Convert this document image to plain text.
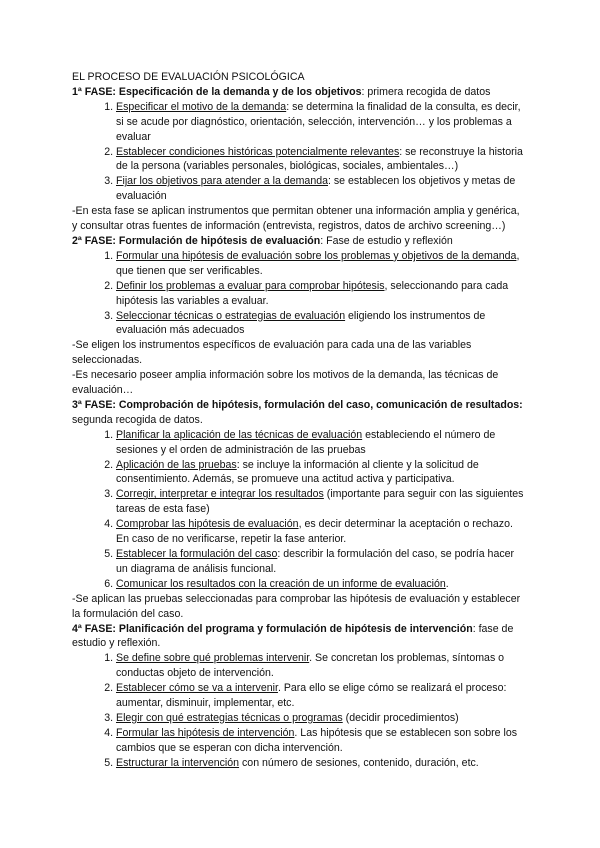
EL PROCESO DE EVALUACIÓN PSICOLÓGICA

1ª FASE: Especificación de la demanda y de los objetivos: primera recogida de datos

1. Especificar el motivo de la demanda: se determina la finalidad de la consulta, es decir, si se acude por diagnóstico, orientación, selección, intervención… y los problemas a evaluar
2. Establecer condiciones históricas potencialmente relevantes: se reconstruye la historia de la persona (variables personales, biológicas, sociales, ambientales…)
3. Fijar los objetivos para atender a la demanda: se establecen los objetivos y metas de evaluación

-En esta fase se aplican instrumentos que permitan obtener una información amplia y genérica, y consultar otras fuentes de información (entrevista, registros, datos de archivo screening…)

2ª FASE: Formulación de hipótesis de evaluación: Fase de estudio y reflexión

1. Formular una hipótesis de evaluación sobre los problemas y objetivos de la demanda, que tienen que ser verificables.
2. Definir los problemas a evaluar para comprobar hipótesis, seleccionando para cada hipótesis las variables a evaluar.
3. Seleccionar técnicas o estrategias de evaluación eligiendo los instrumentos de evaluación más adecuados

-Se eligen los instrumentos específicos de evaluación para cada una de las variables seleccionadas.

-Es necesario poseer amplia información sobre los motivos de la demanda, las técnicas de evaluación…

3ª FASE: Comprobación de hipótesis, formulación del caso, comunicación de resultados: segunda recogida de datos.

1. Planificar la aplicación de las técnicas de evaluación estableciendo el número de sesiones y el orden de administración de las pruebas
2. Aplicación de las pruebas: se incluye la información al cliente y la solicitud de consentimiento. Además, se promueve una actitud activa y participativa.
3. Corregir, interpretar e integrar los resultados (importante para seguir con las siguientes tareas de esta fase)
4. Comprobar las hipótesis de evaluación, es decir determinar la aceptación o rechazo. En caso de no verificarse, repetir la fase anterior.
5. Establecer la formulación del caso: describir la formulación del caso, se podría hacer un diagrama de análisis funcional.
6. Comunicar los resultados con la creación de un informe de evaluación.

-Se aplican las pruebas seleccionadas para comprobar las hipótesis de evaluación y establecer la formulación del caso.

4ª FASE: Planificación del programa y formulación de hipótesis de intervención: fase de estudio y reflexión.

1. Se define sobre qué problemas intervenir. Se concretan los problemas, síntomas o conductas objeto de intervención.
2. Establecer cómo se va a intervenir. Para ello se elige cómo se realizará el proceso: aumentar, disminuir, implementar, etc.
3. Elegir con qué estrategias técnicas o programas (decidir procedimientos)
4. Formular las hipótesis de intervención. Las hipótesis que se establecen son sobre los cambios que se esperan con dicha intervención.
5. Estructurar la intervención con número de sesiones, contenido, duración, etc.
